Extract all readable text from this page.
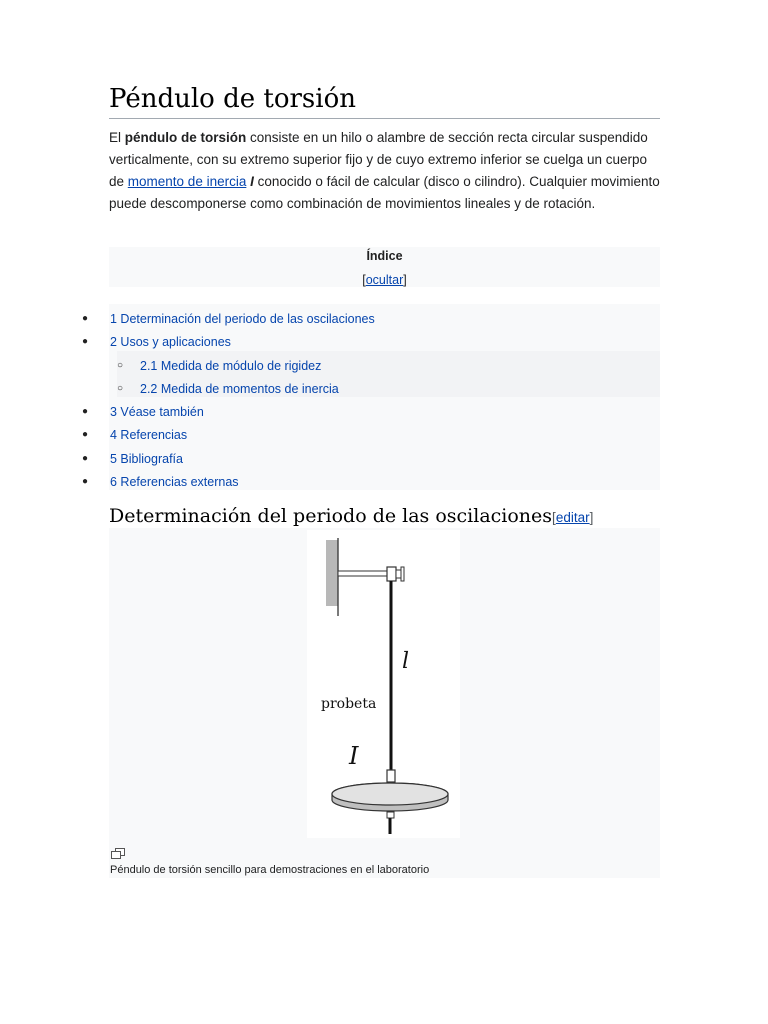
Péndulo de torsión

El péndulo de torsión consiste en un hilo o alambre de sección recta circular suspendido verticalmente, con su extremo superior fijo y de cuyo extremo inferior se cuelga un cuerpo de momento de inercia I conocido o fácil de calcular (disco o cilindro). Cualquier movimiento puede descomponerse como combinación de movimientos lineales y de rotación.

Índice
[ocultar]
● 1 Determinación del periodo de las oscilaciones
● 2 Usos y aplicaciones
○ 2.1 Medida de módulo de rigidez
○ 2.2 Medida de momentos de inercia
● 3 Véase también
● 4 Referencias
● 5 Bibliografía
● 6 Referencias externas
Determinación del periodo de las oscilaciones[editar]
l
probeta
I
Péndulo de torsión sencillo para demostraciones en el laboratorio
